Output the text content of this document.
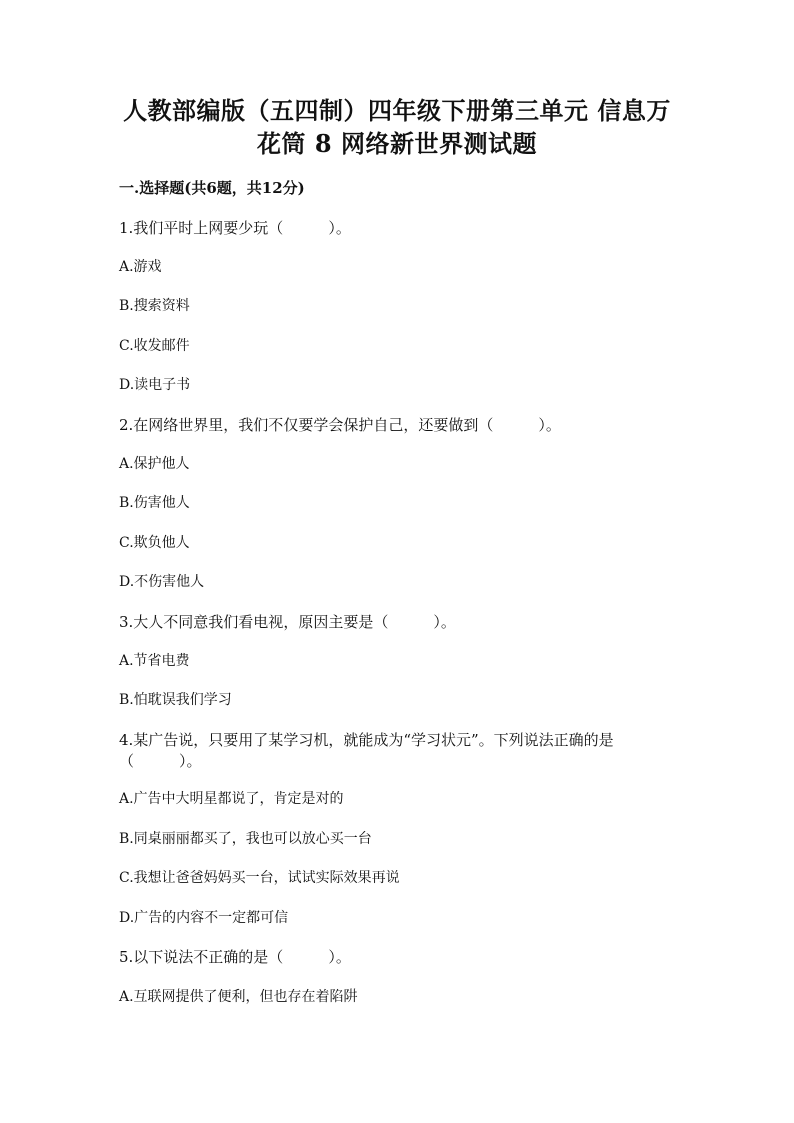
人教部编版（五四制）四年级下册第三单元 信息万
花筒 8 网络新世界测试题
一.选择题(共6题，共12分)
1.我们平时上网要少玩（　　　）。
A.游戏
B.搜索资料
C.收发邮件
D.读电子书
2.在网络世界里，我们不仅要学会保护自己，还要做到（　　　）。
A.保护他人
B.伤害他人
C.欺负他人
D.不伤害他人
3.大人不同意我们看电视，原因主要是（　　　）。
A.节省电费
B.怕耽误我们学习
4.某广告说，只要用了某学习机，就能成为“学习状元”。下列说法正确的是
（　　　）。
A.广告中大明星都说了，肯定是对的
B.同桌丽丽都买了，我也可以放心买一台
C.我想让爸爸妈妈买一台，试试实际效果再说
D.广告的内容不一定都可信
5.以下说法不正确的是（　　　）。
A.互联网提供了便利，但也存在着陷阱
